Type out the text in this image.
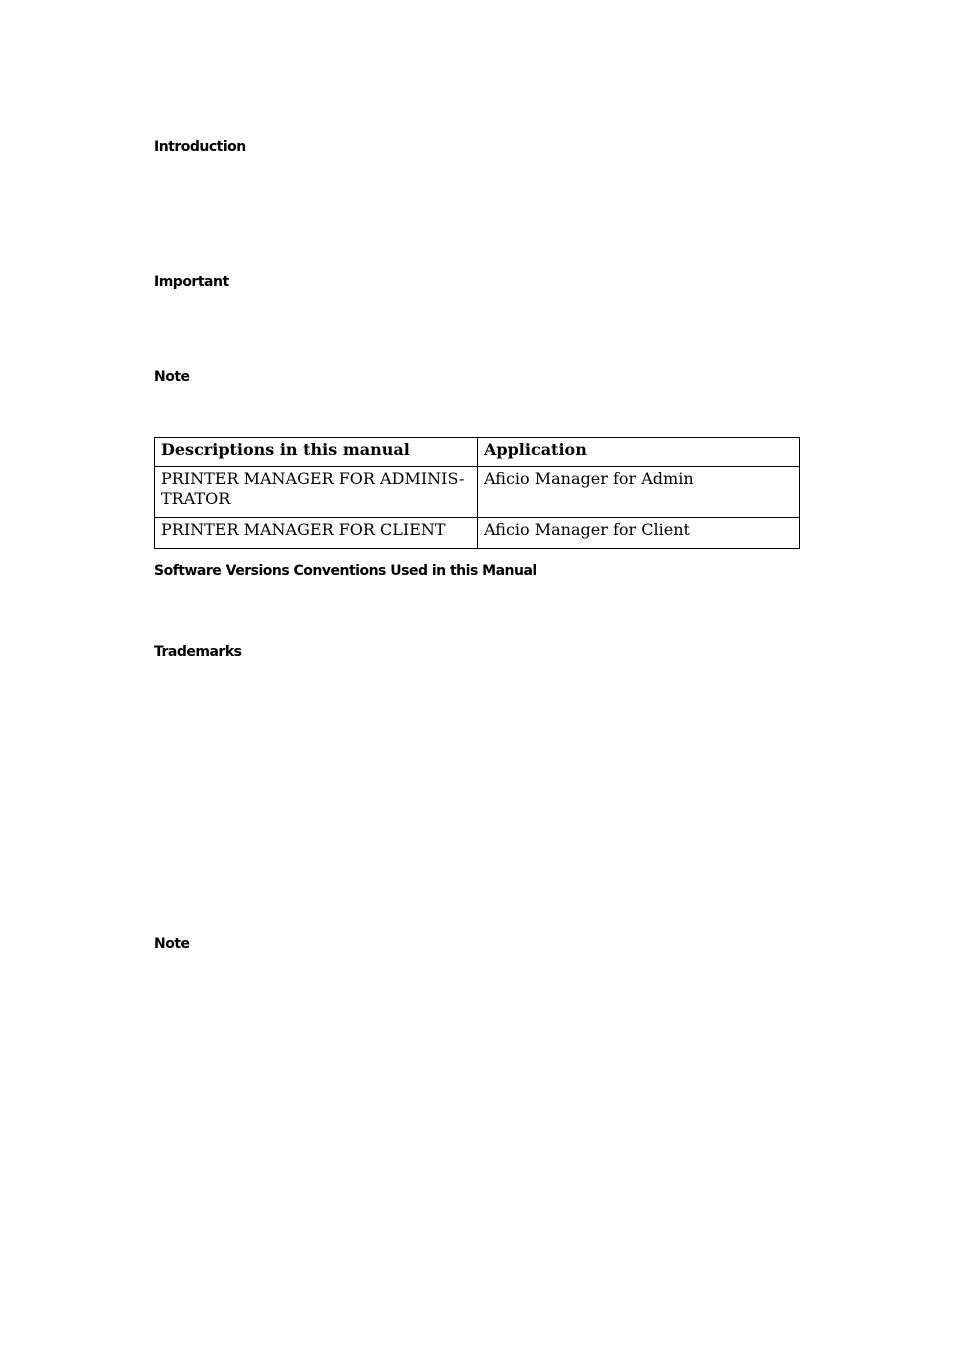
Introduction
Important
Note
Descriptions in this manual	Application
PRINTER MANAGER FOR ADMINIS-
TRATOR	Aficio Manager for Admin
PRINTER MANAGER FOR CLIENT	Aficio Manager for Client
Software Versions Conventions Used in this Manual
Trademarks
Note
